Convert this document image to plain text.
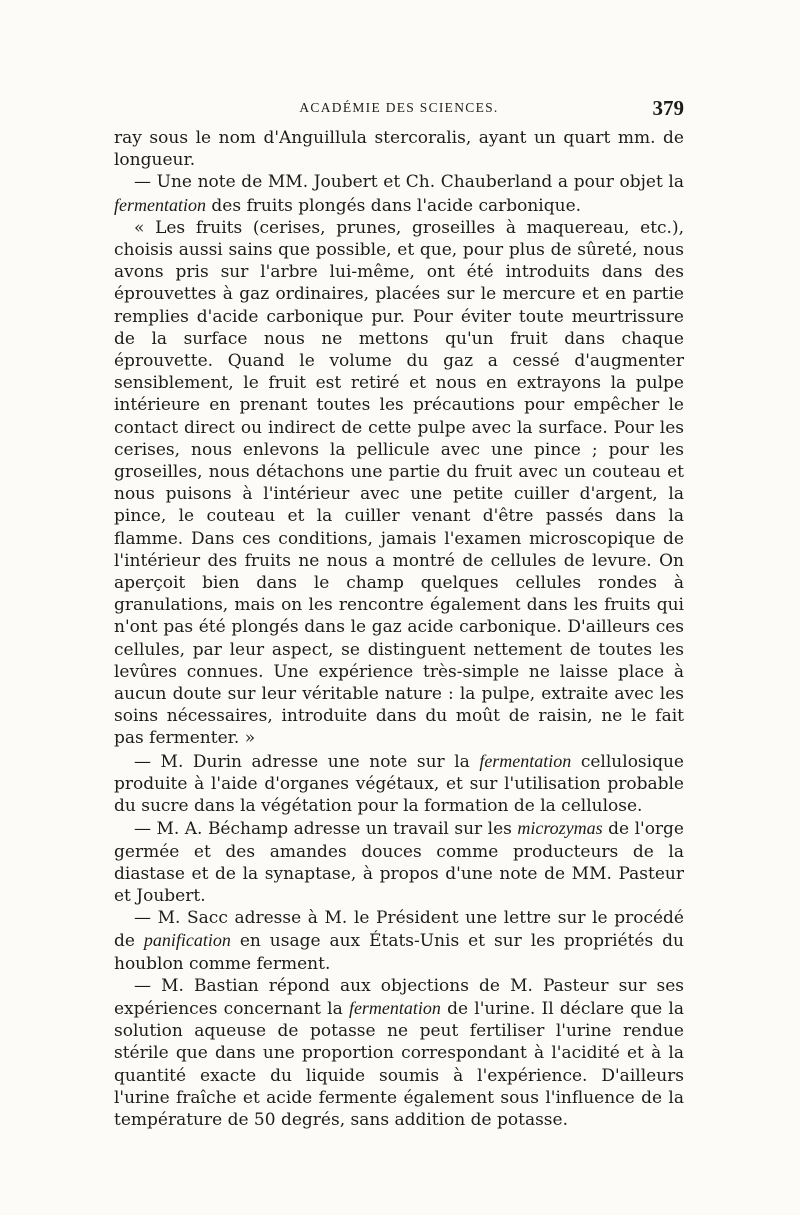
ACADÉMIE DES SCIENCES.	379

ray sous le nom d'Anguillula stercoralis, ayant un quart mm. de longueur.

— Une note de MM. Joubert et Ch. Chauberland a pour objet la fermentation des fruits plongés dans l'acide carbonique.

« Les fruits (cerises, prunes, groseilles à maquereau, etc.), choisis aussi sains que possible, et que, pour plus de sûreté, nous avons pris sur l'arbre lui-même, ont été introduits dans des éprouvettes à gaz ordinaires, placées sur le mercure et en partie remplies d'acide carbonique pur. Pour éviter toute meurtrissure de la surface nous ne mettons qu'un fruit dans chaque éprouvette. Quand le volume du gaz a cessé d'augmenter sensiblement, le fruit est retiré et nous en extrayons la pulpe intérieure en prenant toutes les précautions pour empêcher le contact direct ou indirect de cette pulpe avec la surface. Pour les cerises, nous enlevons la pellicule avec une pince ; pour les groseilles, nous détachons une partie du fruit avec un couteau et nous puisons à l'intérieur avec une petite cuiller d'argent, la pince, le couteau et la cuiller venant d'être passés dans la flamme. Dans ces conditions, jamais l'examen microscopique de l'intérieur des fruits ne nous a montré de cellules de levure. On aperçoit bien dans le champ quelques cellules rondes à granulations, mais on les rencontre également dans les fruits qui n'ont pas été plongés dans le gaz acide carbonique. D'ailleurs ces cellules, par leur aspect, se distinguent nettement de toutes les levûres connues. Une expérience très-simple ne laisse place à aucun doute sur leur véritable nature : la pulpe, extraite avec les soins nécessaires, introduite dans du moût de raisin, ne le fait pas fermenter. »

— M. Durin adresse une note sur la fermentation cellulosique produite à l'aide d'organes végétaux, et sur l'utilisation probable du sucre dans la végétation pour la formation de la cellulose.

— M. A. Béchamp adresse un travail sur les microzymas de l'orge germée et des amandes douces comme producteurs de la diastase et de la synaptase, à propos d'une note de MM. Pasteur et Joubert.

— M. Sacc adresse à M. le Président une lettre sur le procédé de panification en usage aux États-Unis et sur les propriétés du houblon comme ferment.

— M. Bastian répond aux objections de M. Pasteur sur ses expériences concernant la fermentation de l'urine. Il déclare que la solution aqueuse de potasse ne peut fertiliser l'urine rendue stérile que dans une proportion correspondant à l'acidité et à la quantité exacte du liquide soumis à l'expérience. D'ailleurs l'urine fraîche et acide fermente également sous l'influence de la température de 50 degrés, sans addition de potasse.
